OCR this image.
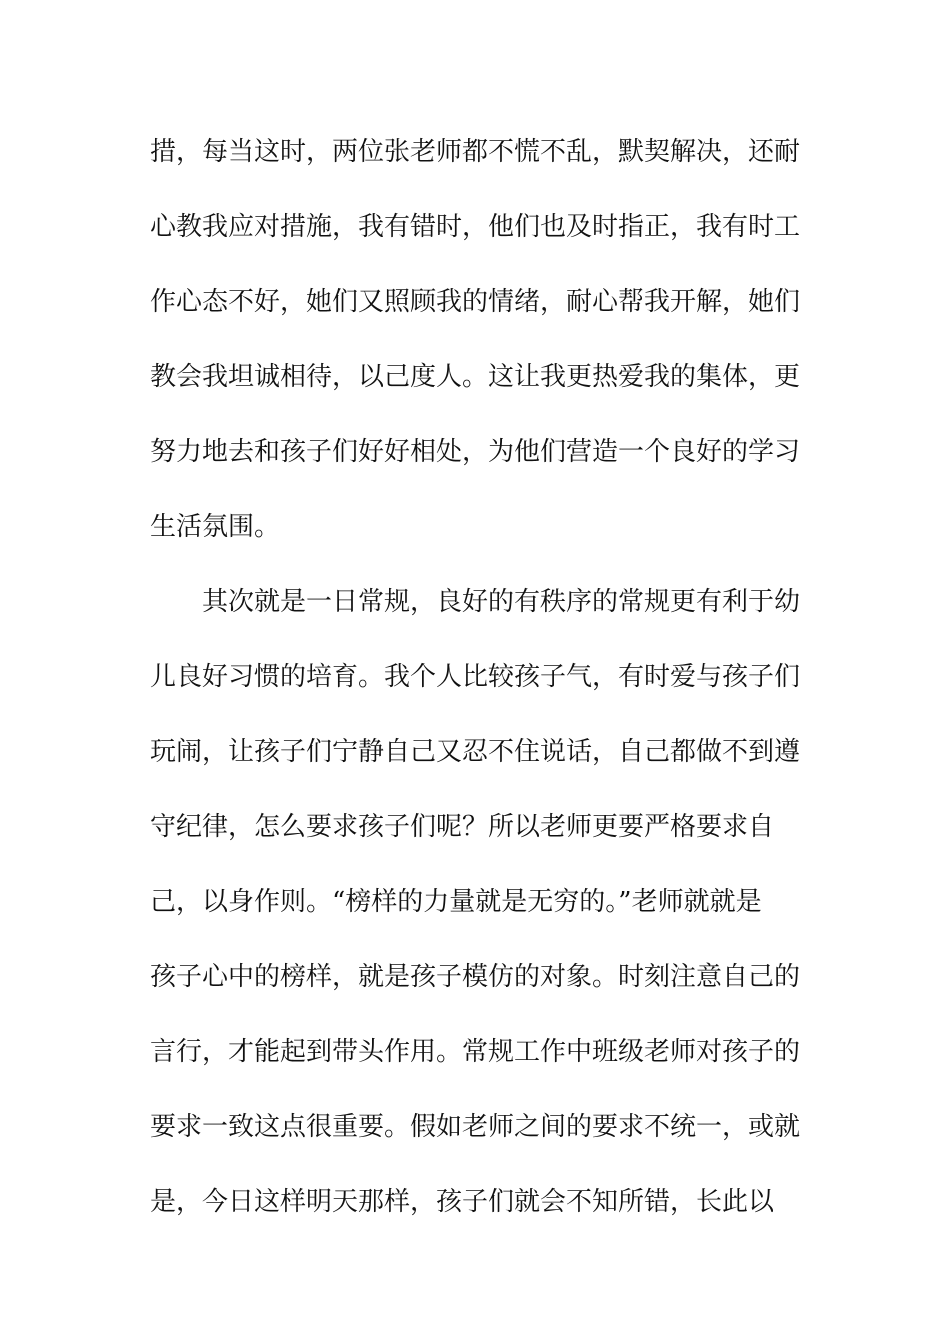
措，每当这时，两位张老师都不慌不乱，默契解决，还耐
心教我应对措施，我有错时，他们也及时指正，我有时工
作心态不好，她们又照顾我的情绪，耐心帮我开解，她们
教会我坦诚相待，以己度人。这让我更热爱我的集体，更
努力地去和孩子们好好相处，为他们营造一个良好的学习
生活氛围。
其次就是一日常规，良好的有秩序的常规更有利于幼
儿良好习惯的培育。我个人比较孩子气，有时爱与孩子们
玩闹，让孩子们宁静自己又忍不住说话，自己都做不到遵
守纪律，怎么要求孩子们呢？所以老师更要严格要求自
己，以身作则。“榜样的力量就是无穷的。”老师就就是
孩子心中的榜样，就是孩子模仿的对象。时刻注意自己的
言行，才能起到带头作用。常规工作中班级老师对孩子的
要求一致这点很重要。假如老师之间的要求不统一，或就
是，今日这样明天那样，孩子们就会不知所错，长此以
